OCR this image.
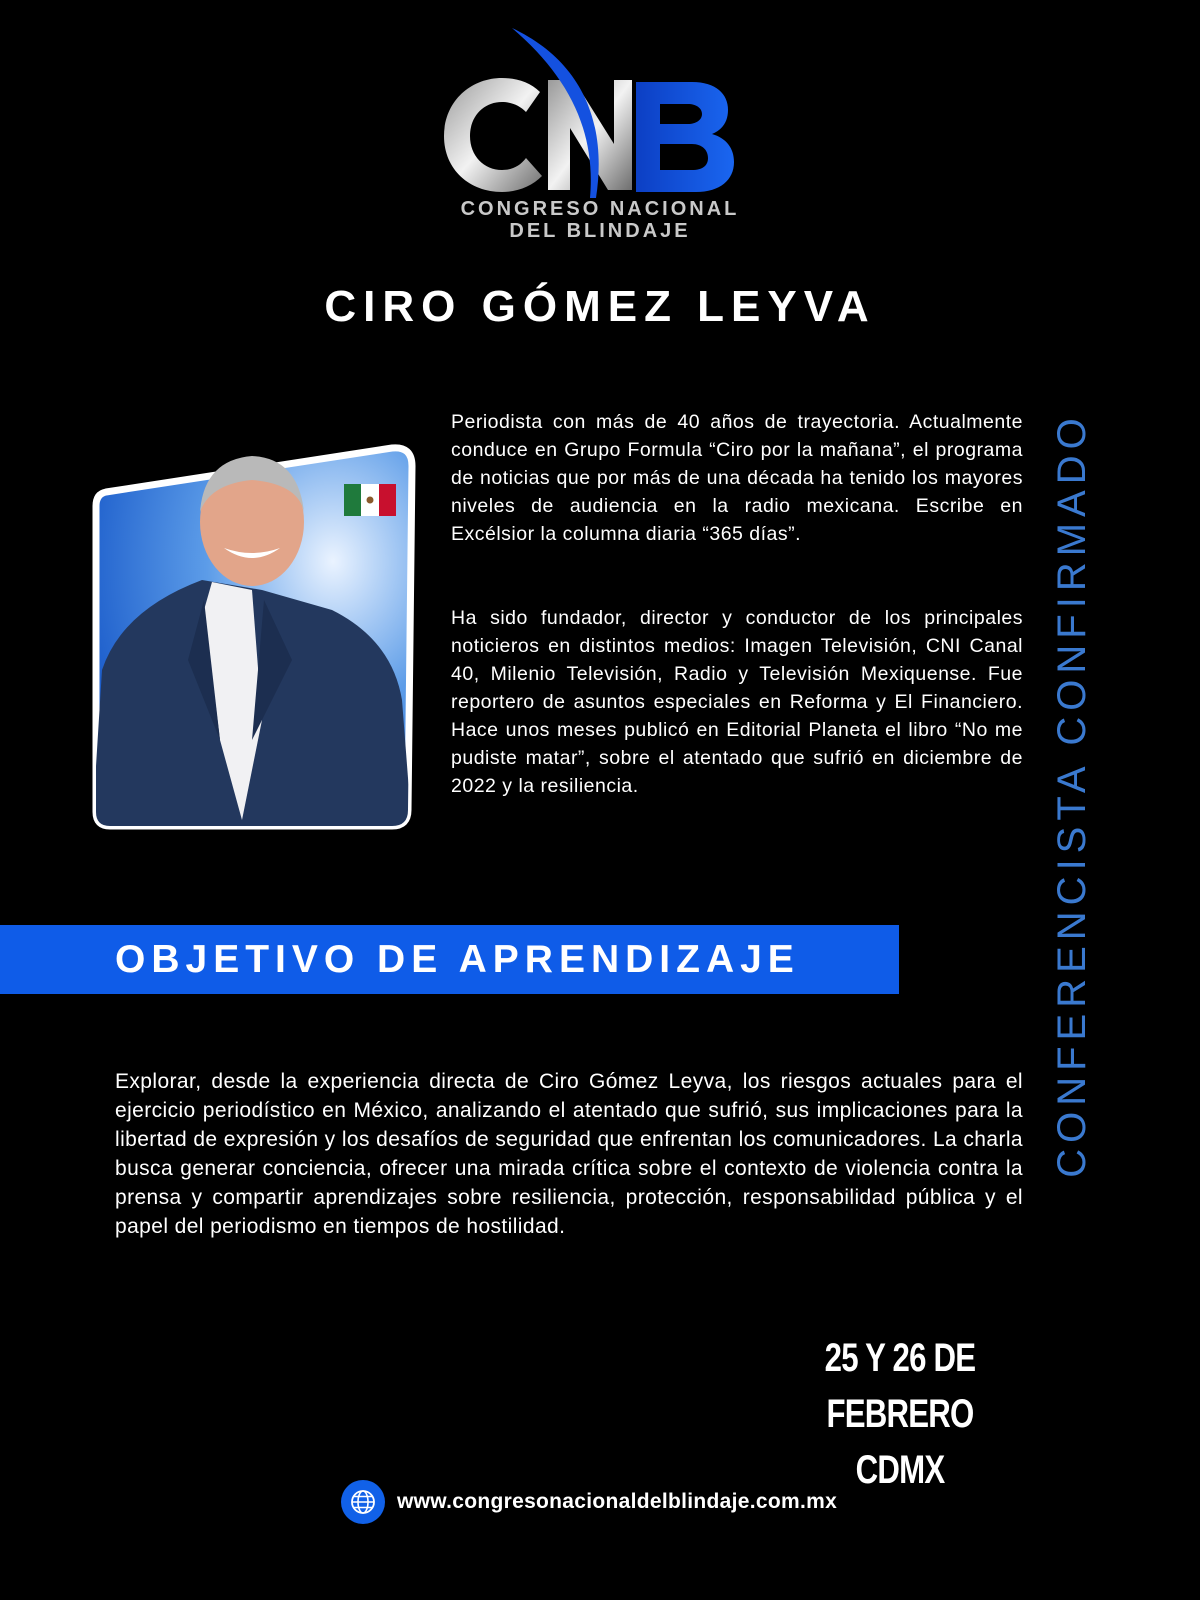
CONGRESO NACIONAL
DEL BLINDAJE
CIRO GÓMEZ LEYVA

Periodista con más de 40 años de trayectoria. Actualmente conduce en Grupo Formula “Ciro por la mañana”, el programa de noticias que por más de una década ha tenido los mayores niveles de audiencia en la radio mexicana. Escribe en Excélsior la columna diaria “365 días”.

Ha sido fundador, director y conductor de los principales noticieros en distintos medios: Imagen Televisión, CNI Canal 40, Milenio Televisión, Radio y Televisión Mexiquense. Fue reportero de asuntos especiales en Reforma y El Financiero. Hace unos meses publicó en Editorial Planeta el libro “No me pudiste matar”, sobre el atentado que sufrió en diciembre de 2022 y la resiliencia.	CONFERENCISTA CONFIRMADO
OBJETIVO DE APRENDIZAJE

Explorar, desde la experiencia directa de Ciro Gómez Leyva, los riesgos actuales para el ejercicio periodístico en México, analizando el atentado que sufrió, sus implicaciones para la libertad de expresión y los desafíos de seguridad que enfrentan los comunicadores. La charla busca generar conciencia, ofrecer una mirada crítica sobre el contexto de violencia contra la prensa y compartir aprendizajes sobre resiliencia, protección, responsabilidad pública y el papel del periodismo en tiempos de hostilidad.

25 Y 26 DE FEBRERO
CDMX
www.congresonacionaldelblindaje.com.mx
